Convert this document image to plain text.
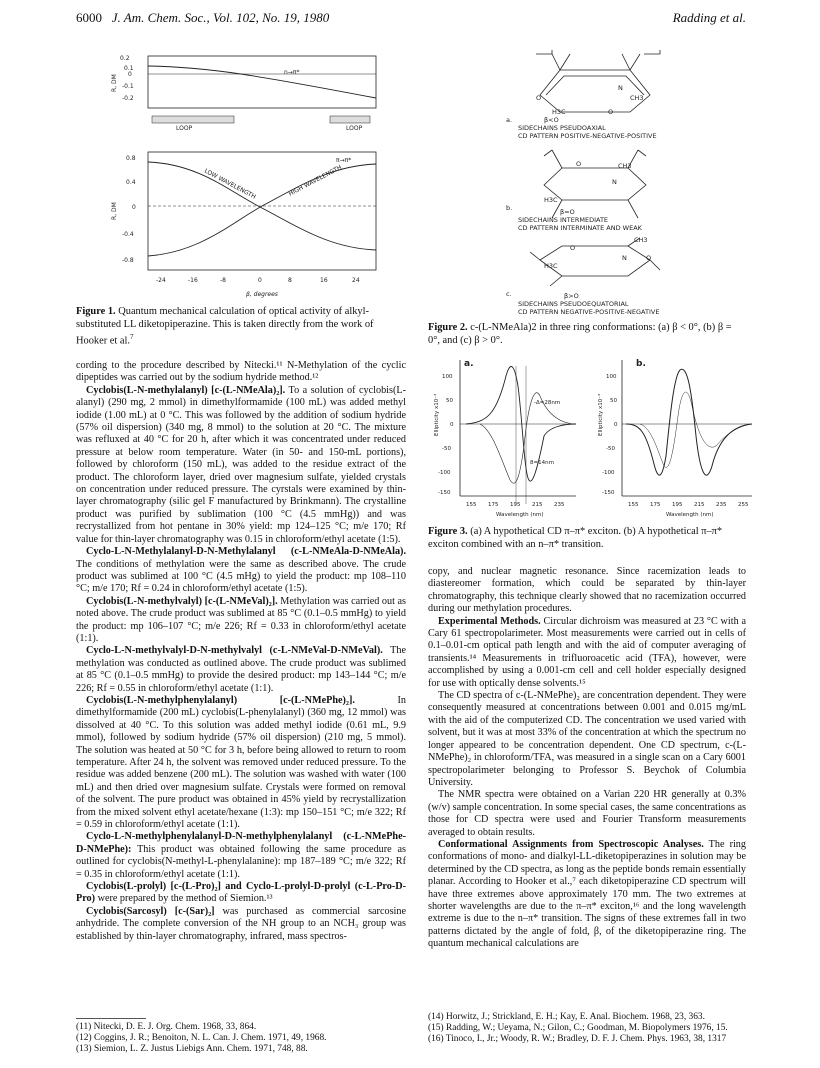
6000 J. Am. Chem. Soc., Vol. 102, No. 19, 1980	Radding et al.
0.2
0.1
0
-0.1
-0.2
R, DM
n→π*
LOOP	LOOP
0.8
0.4
0
-0.4
-0.8
R, DM
π→π*
LOW WAVELENGTH	HIGH WAVELENGTH
-24	-16	-8	0	8	16	24
β, degrees
Figure 1. Quantum mechanical calculation of optical activity of alkyl-substituted LL diketopiperazine. This is taken directly from the work of Hooker et al.$^7$
a.
H3C
O
N
CH3
O
β<O
SIDECHAINS PSEUDOAXIAL
CD PATTERN POSITIVE-NEGATIVE-POSITIVE
b.
O	CH3
N
H3C
β=O
SIDECHAINS INTERMEDIATE
CD PATTERN INTERMINATE AND WEAK
c.
O
CH3
N
H3C
O
β>O
SIDECHAINS PSEUDOEQUATORIAL
CD PATTERN NEGATIVE-POSITIVE-NEGATIVE
Figure 2. c-(L-NMeAla)2 in three ring conformations: (a) β < 0°, (b) β = 0°, and (c) β > 0°.
a.
100
50
0
-50
-100
-150
Ellipticity x10⁻³	-Δ=28nm
8=14nm
155 175 195 215 235
Wavelength (nm)
b.
100
50
0
-50
-100
-150
Ellipticity x10⁻³
155 175 195 215 235 255
Wavelength (nm)
Figure 3. (a) A hypothetical CD π–π* exciton. (b) A hypothetical π–π* exciton combined with an n–π* transition.

cording to the procedure described by Nitecki.¹¹ N-Methylation of the cyclic dipeptides was carried out by the sodium hydride method.¹²

Cyclobis(L-N-methylalanyl) [c-(L-NMeAla)₂]. To a solution of cyclobis(L-alanyl) (290 mg, 2 mmol) in dimethylformamide (100 mL) was added methyl iodide (1.00 mL) at 0 °C. This was followed by the addition of sodium hydride (57% oil dispersion) (340 mg, 8 mmol) to the solution at 20 °C. The mixture was refluxed at 40 °C for 20 h, after which it was concentrated under reduced pressure at below room temperature. Water (in 50- and 150-mL portions), followed by chloroform (150 mL), was added to the residue extract of the product. The chloroform layer, dried over magnesium sulfate, yielded crystals on concentration under reduced pressure. The cyrstals were examined by thin-layer chromatography (silic gel F manufactured by Brinkmann). The crystalline product was purified by sublimation (100 °C (4.5 mmHg)) and was recrystallized from hot pentane in 30% yield: mp 124–125 °C; m/e 170; Rf value for thin-layer chromatography was 0.15 in chloroform/ethyl acetate (1:5).

Cyclo-L-N-Methylalanyl-D-N-Methylalanyl (c-L-NMeAla-D-NMeAla). The conditions of methylation were the same as described above. The crude product was sublimed at 100 °C (4.5 mHg) to yield the product: mp 108–110 °C; m/e 170; Rf = 0.24 in chloroform/ethyl acetate (1:5).

Cyclobis(L-N-methylvalyl) [c-(L-NMeVal)₂]. Methylation was carried out as noted above. The crude product was sublimed at 85 °C (0.1–0.5 mmHg) to yield the product: mp 106–107 °C; m/e 226; Rf = 0.33 in chloroform/ethyl acetate (1:1).

Cyclo-L-N-methylvalyl-D-N-methylvalyl (c-L-NMeVal-D-NMeVal). The methylation was conducted as outlined above. The crude product was sublimed at 85 °C (0.1–0.5 mmHg) to provide the desired product: mp 143–144 °C; m/e 226; Rf = 0.55 in chloroform/ethyl acetate (1:1).

Cyclobis(L-N-methylphenylalanyl) [c-(L-NMePhe)₂]. In dimethylformamide (200 mL) cyclobis(L-phenylalanyl) (360 mg, 12 mmol) was dissolved at 40 °C. To this solution was added methyl iodide (0.61 mL, 9.9 mmol), followed by sodium hydride (57% oil dispersion) (210 mg, 5 mmol). The solution was heated at 50 °C for 3 h, before being allowed to return to room temperature. After 24 h, the solvent was removed under reduced pressure. To the residue was added benzene (200 mL). The solution was washed with water (100 mL) and then dried over magnesium sulfate. Crystals were formed on removal of the solvent. The pure product was obtained in 45% yield by recrystallization from the mixed solvent ethyl acetate/hexane (1:3): mp 150–151 °C; m/e 322; Rf = 0.59 in chloroform/ethyl acetate (1:1).

Cyclo-L-N-methylphenylalanyl-D-N-methylphenylalanyl (c-L-NMePhe-D-NMePhe): This product was obtained following the same procedure as outlined for cyclobis(N-methyl-L-phenylalanine): mp 187–189 °C; m/e 322; Rf = 0.35 in chloroform/ethyl acetate (1:1).

Cyclobis(L-prolyl) [c-(L-Pro)₂] and Cyclo-L-prolyl-D-prolyl (c-L-Pro-D-Pro) were prepared by the method of Siemion.¹³

Cyclobis(Sarcosyl) [c-(Sar)₂] was purchased as commercial sarcosine anhydride. The complete conversion of the NH group to an NCH₃ group was established by thin-layer chromatography, infrared, mass spectros-

copy, and nuclear magnetic resonance. Since racemization leads to diastereomer formation, which could be separated by thin-layer chromatography, this technique clearly showed that no racemization occurred during our methylation procedures.

Experimental Methods. Circular dichroism was measured at 23 °C with a Cary 61 spectropolarimeter. Most measurements were carried out in cells of 0.1–0.01-cm optical path length and with the aid of computer averaging of transients.¹⁴ Measurements in trifluoroacetic acid (TFA), however, were accomplished by using a 0.001-cm cell and cell holder especially designed for use with optically dense solvents.¹⁵

The CD spectra of c-(L-NMePhe)₂ are concentration dependent. They were consequently measured at concentrations between 0.001 and 0.015 mg/mL with the aid of the computerized CD. The concentration we used varied with solvent, but it was at most 33% of the concentration at which the spectrum no longer appeared to be concentration dependent. One CD spectrum, c-(L-NMePhe)₂ in chloroform/TFA, was measured in a single scan on a Cary 6001 spectropolarimeter belonging to Professor S. Beychok of Columbia University.

The NMR spectra were obtained on a Varian 220 HR generally at 0.3% (w/v) sample concentration. In some special cases, the same concentrations as those for CD spectra were used and Fourier Transform measurements averaged to obtain results.

Conformational Assignments from Spectroscopic Analyses. The ring conformations of mono- and dialkyl-LL-diketopiperazines in solution may be determined by the CD spectra, as long as the peptide bonds remain essentially planar. According to Hooker et al.,⁷ each diketopiperazine CD spectrum will have three extremes above approximately 170 mm. The two extremes at shorter wavelengths are due to the π–π* exciton,¹⁶ and the long wavelength extreme is due to the n–π* transition. The signs of these extremes fall in two patterns dictated by the angle of fold, β, of the diketopiperazine ring. The quantum mechanical calculations are

(11) Nitecki, D. E. J. Org. Chem. 1968, 33, 864.
(12) Coggins, J. R.; Benoiton, N. L. Can. J. Chem. 1971, 49, 1968.
(13) Siemion, L. Z. Justus Liebigs Ann. Chem. 1971, 748, 88.
(14) Horwitz, J.; Strickland, E. H.; Kay, E. Anal. Biochem. 1968, 23, 363.
(15) Radding, W.; Ueyama, N.; Gilon, C.; Goodman, M. Biopolymers 1976, 15.
(16) Tinoco, I., Jr.; Woody, R. W.; Bradley, D. F. J. Chem. Phys. 1963, 38, 1317
